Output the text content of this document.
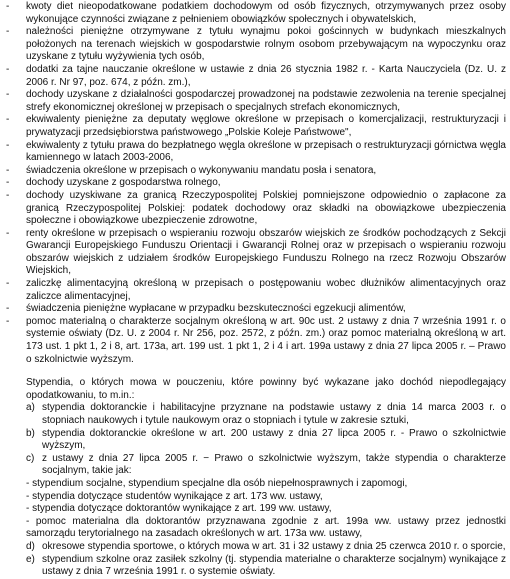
- kwoty diet nieopodatkowane podatkiem dochodowym od osób fizycznych, otrzymywanych przez osoby wykonujące czynności związane z pełnieniem obowiązków społecznych i obywatelskich,
- należności pieniężne otrzymywane z tytułu wynajmu pokoi gościnnych w budynkach mieszkalnych położonych na terenach wiejskich w gospodarstwie rolnym osobom przebywającym na wypoczynku oraz uzyskane z tytułu wyżywienia tych osób,
- dodatki za tajne nauczanie określone w ustawie z dnia 26 stycznia 1982 r. - Karta Nauczyciela (Dz. U. z 2006 r. Nr 97, poz. 674, z późn. zm.),
- dochody uzyskane z działalności gospodarczej prowadzonej na podstawie zezwolenia na terenie specjalnej strefy ekonomicznej określonej w przepisach o specjalnych strefach ekonomicznych,
- ekwiwalenty pieniężne za deputaty węglowe określone w przepisach o komercjalizacji, restrukturyzacji i prywatyzacji przedsiębiorstwa państwowego „Polskie Koleje Państwowe",
- ekwiwalenty z tytułu prawa do bezpłatnego węgla określone w przepisach o restrukturyzacji górnictwa węgla kamiennego w latach 2003-2006,
- świadczenia określone w przepisach o wykonywaniu mandatu posła i senatora,
- dochody uzyskane z gospodarstwa rolnego,
- dochody uzyskiwane za granicą Rzeczypospolitej Polskiej pomniejszone odpowiednio o zapłacone za granicą Rzeczypospolitej Polskiej: podatek dochodowy oraz składki na obowiązkowe ubezpieczenia społeczne i obowiązkowe ubezpieczenie zdrowotne,
- renty określone w przepisach o wspieraniu rozwoju obszarów wiejskich ze środków pochodzących z Sekcji Gwarancji Europejskiego Funduszu Orientacji i Gwarancji Rolnej oraz w przepisach o wspieraniu rozwoju obszarów wiejskich z udziałem środków Europejskiego Funduszu Rolnego na rzecz Rozwoju Obszarów Wiejskich,
- zaliczkę alimentacyjną określoną w przepisach o postępowaniu wobec dłużników alimentacyjnych oraz zaliczce alimentacyjnej,
- świadczenia pieniężne wypłacane w przypadku bezskuteczności egzekucji alimentów,
- pomoc materialną o charakterze socjalnym określoną w art. 90c ust. 2 ustawy z dnia 7 września 1991 r. o systemie oświaty (Dz. U. z 2004 r. Nr 256, poz. 2572, z późn. zm.) oraz pomoc materialną określoną w art. 173 ust. 1 pkt 1, 2 i 8, art. 173a, art. 199 ust. 1 pkt 1, 2 i 4 i art. 199a ustawy z dnia 27 lipca 2005 r. – Prawo o szkolnictwie wyższym.

Stypendia, o których mowa w pouczeniu, które powinny być wykazane jako dochód niepodlegający opodatkowaniu, to m.in.:

a) stypendia doktoranckie i habilitacyjne przyznane na podstawie ustawy z dnia 14 marca 2003 r. o stopniach naukowych i tytule naukowym oraz o stopniach i tytule w zakresie sztuki,
b) stypendia doktoranckie określone w art. 200 ustawy z dnia 27 lipca 2005 r. - Prawo o szkolnictwie wyższym,
c) z ustawy z dnia 27 lipca 2005 r. − Prawo o szkolnictwie wyższym, także stypendia o charakterze socjalnym, takie jak:
- stypendium socjalne, stypendium specjalne dla osób niepełnosprawnych i zapomogi,
- stypendia dotyczące studentów wynikające z art. 173 ww. ustawy,
- stypendia dotyczące doktorantów wynikające z art. 199 ww. ustawy,
- pomoc materialna dla doktorantów przyznawana zgodnie z art. 199a ww. ustawy przez jednostki samorządu terytorialnego na zasadach określonych w art. 173a ww. ustawy,
d) okresowe stypendia sportowe, o których mowa w art. 31 i 32 ustawy z dnia 25 czerwca 2010 r. o sporcie,
e) stypendium szkolne oraz zasiłek szkolny (tj. stypendia materialne o charakterze socjalnym) wynikające z ustawy z dnia 7 września 1991 r. o systemie oświaty.
